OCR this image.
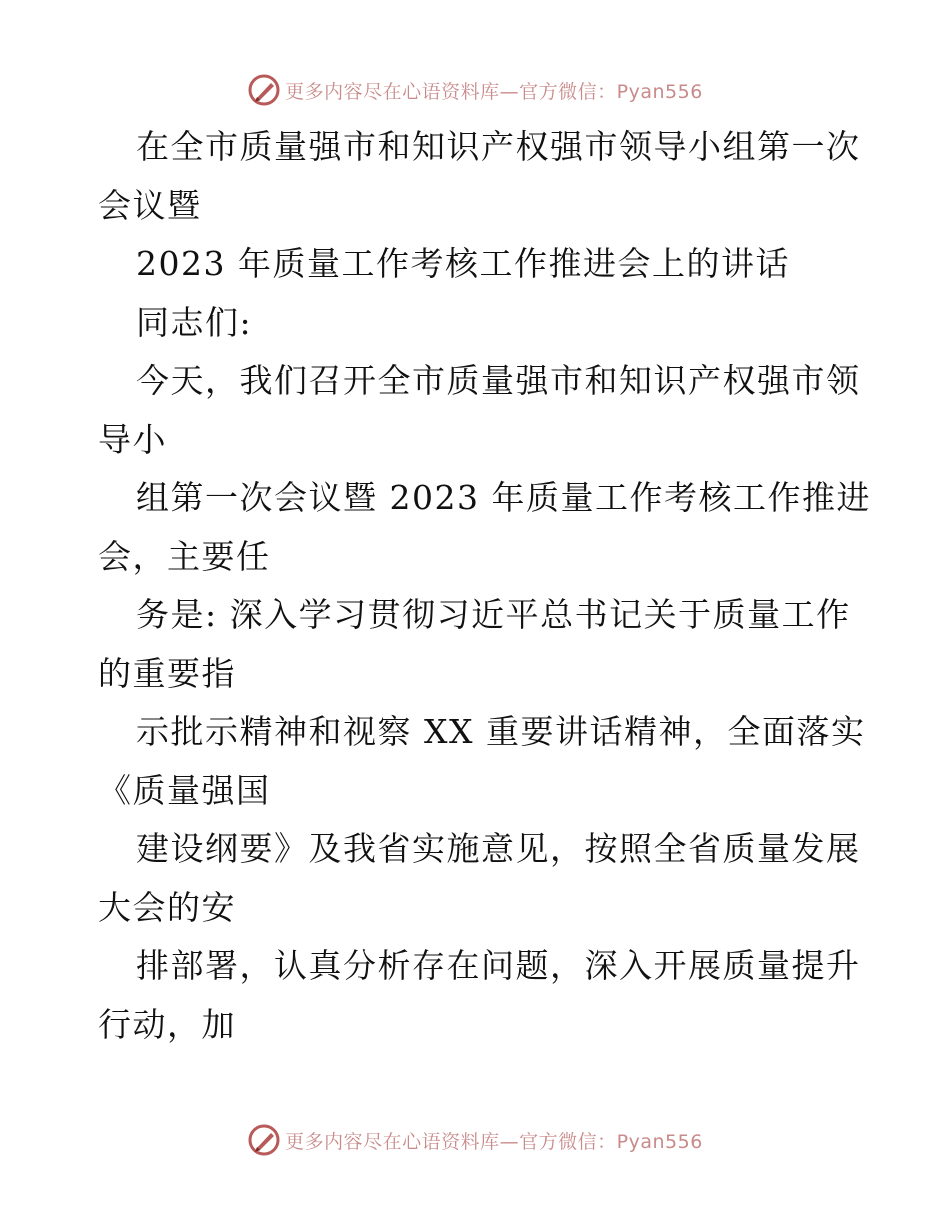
更多内容尽在心语资料库—官方微信：Pyan556
在全市质量强市和知识产权强市领导小组第一次
会议暨
2023 年质量工作考核工作推进会上的讲话
同志们:
今天，我们召开全市质量强市和知识产权强市领
导小
组第一次会议暨 2023 年质量工作考核工作推进
会，主要任
务是: 深入学习贯彻习近平总书记关于质量工作
的重要指
示批示精神和视察 XX 重要讲话精神，全面落实
《质量强国
建设纲要》及我省实施意见，按照全省质量发展
大会的安
排部署，认真分析存在问题，深入开展质量提升
行动，加
更多内容尽在心语资料库—官方微信：Pyan556
